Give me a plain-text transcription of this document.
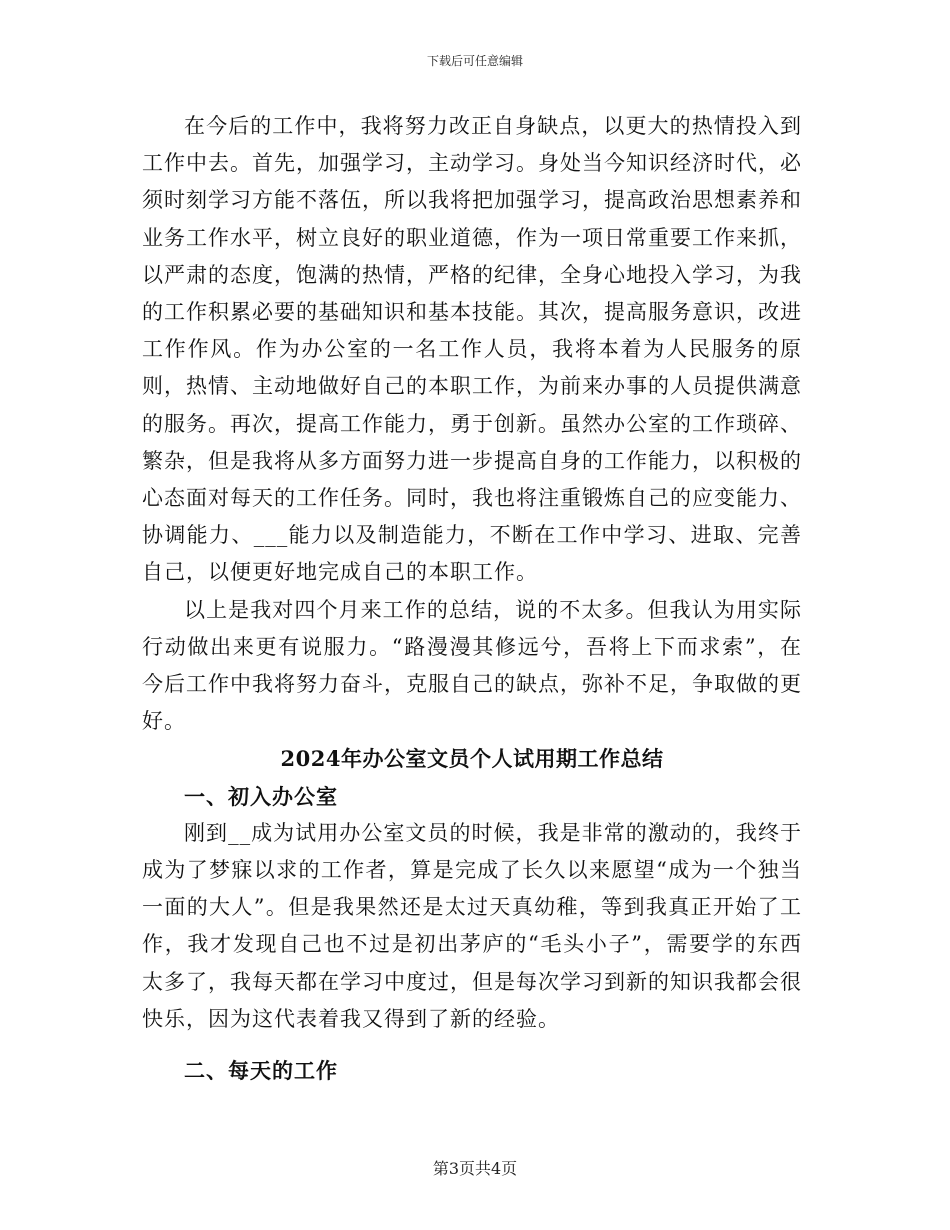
下载后可任意编辑

在今后的工作中，我将努力改正自身缺点，以更大的热情投入到工作中去。首先，加强学习，主动学习。身处当今知识经济时代，必须时刻学习方能不落伍，所以我将把加强学习，提高政治思想素养和业务工作水平，树立良好的职业道德，作为一项日常重要工作来抓，以严肃的态度，饱满的热情，严格的纪律，全身心地投入学习，为我的工作积累必要的基础知识和基本技能。其次，提高服务意识，改进工作作风。作为办公室的一名工作人员，我将本着为人民服务的原则，热情、主动地做好自己的本职工作，为前来办事的人员提供满意的服务。再次，提高工作能力，勇于创新。虽然办公室的工作琐碎、繁杂，但是我将从多方面努力进一步提高自身的工作能力，以积极的心态面对每天的工作任务。同时，我也将注重锻炼自己的应变能力、协调能力、___能力以及制造能力，不断在工作中学习、进取、完善自己，以便更好地完成自己的本职工作。

以上是我对四个月来工作的总结，说的不太多。但我认为用实际行动做出来更有说服力。“路漫漫其修远兮，吾将上下而求索”，在今后工作中我将努力奋斗，克服自己的缺点，弥补不足，争取做的更好。

2024年办公室文员个人试用期工作总结

一、初入办公室

刚到__成为试用办公室文员的时候，我是非常的激动的，我终于成为了梦寐以求的工作者，算是完成了长久以来愿望“成为一个独当一面的大人”。但是我果然还是太过天真幼稚，等到我真正开始了工作，我才发现自己也不过是初出茅庐的“毛头小子”，需要学的东西太多了，我每天都在学习中度过，但是每次学习到新的知识我都会很快乐，因为这代表着我又得到了新的经验。

二、每天的工作

第3页共4页
